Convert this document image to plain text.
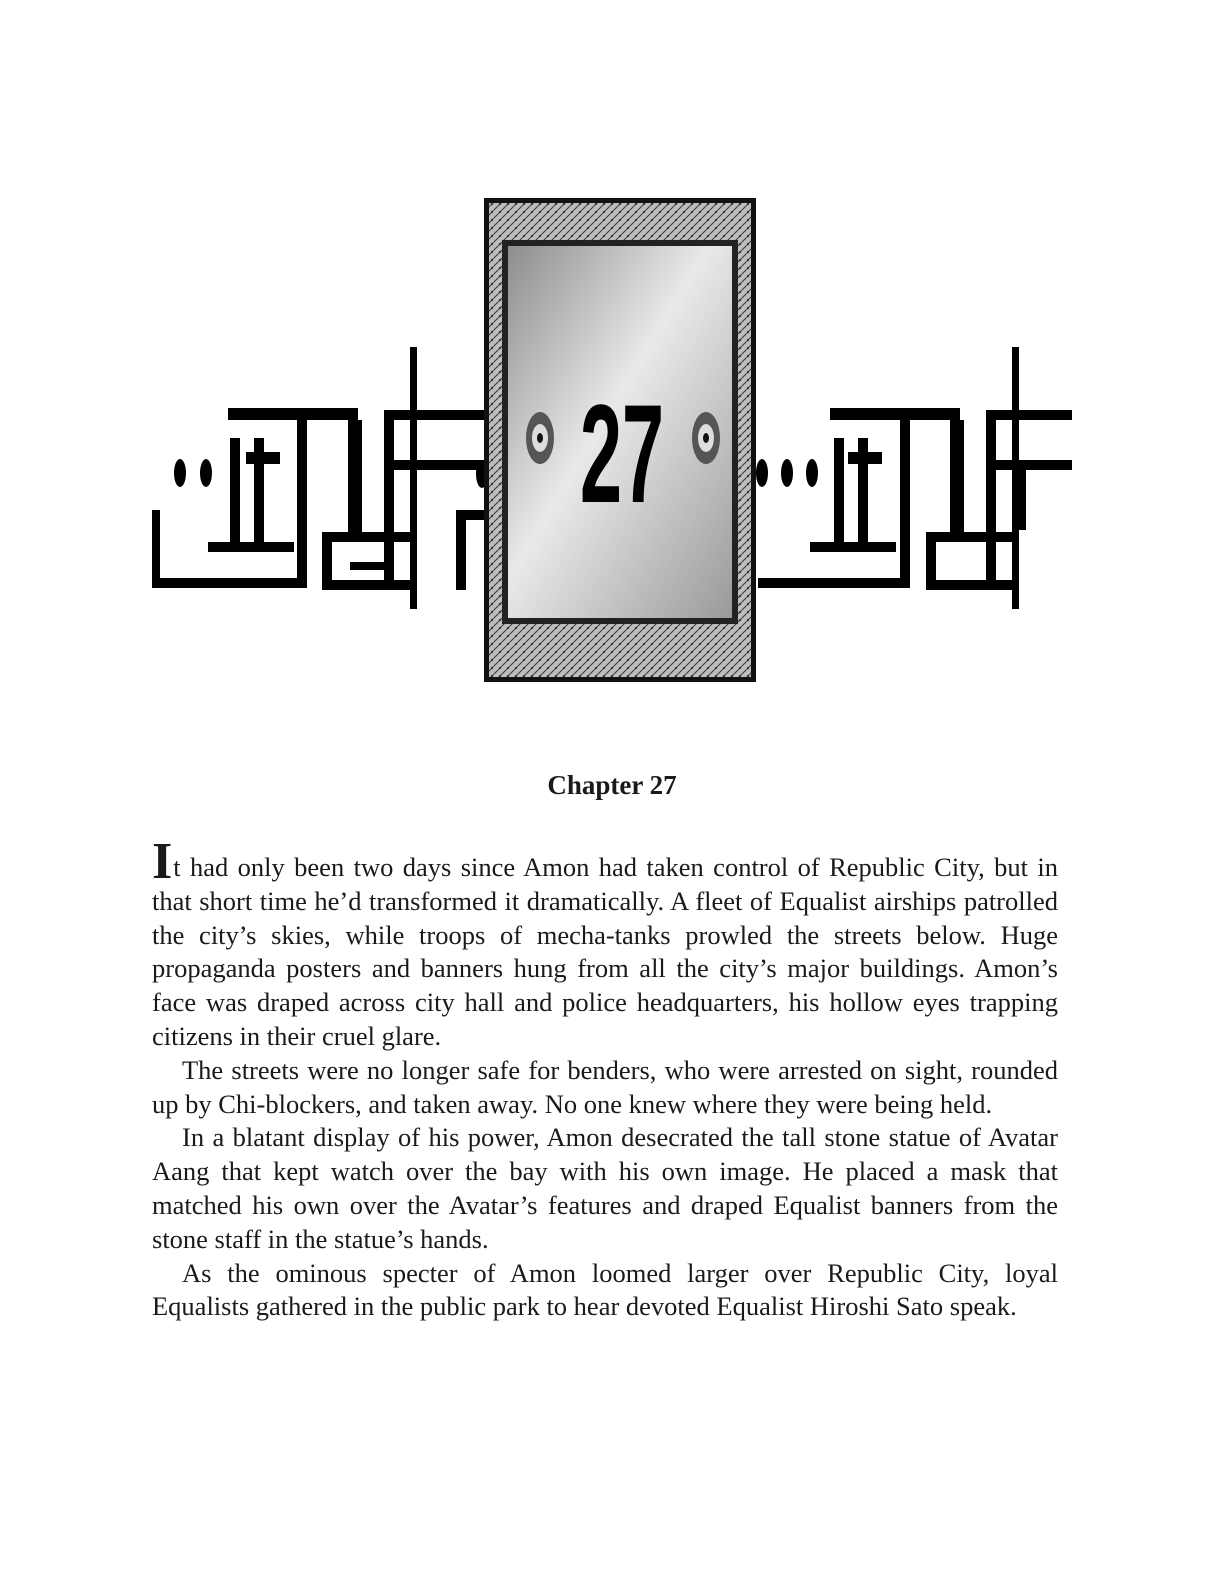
27
Chapter 27

It had only been two days since Amon had taken control of Republic City, but in that short time he’d transformed it dramatically. A fleet of Equalist airships patrolled the city’s skies, while troops of mecha-tanks prowled the streets below. Huge propaganda posters and banners hung from all the city’s major buildings. Amon’s face was draped across city hall and police headquarters, his hollow eyes trapping citizens in their cruel glare.

The streets were no longer safe for benders, who were arrested on sight, rounded up by Chi-blockers, and taken away. No one knew where they were being held.

In a blatant display of his power, Amon desecrated the tall stone statue of Avatar Aang that kept watch over the bay with his own image. He placed a mask that matched his own over the Avatar’s features and draped Equalist banners from the stone staff in the statue’s hands.

As the ominous specter of Amon loomed larger over Republic City, loyal Equalists gathered in the public park to hear devoted Equalist Hiroshi Sato speak.
